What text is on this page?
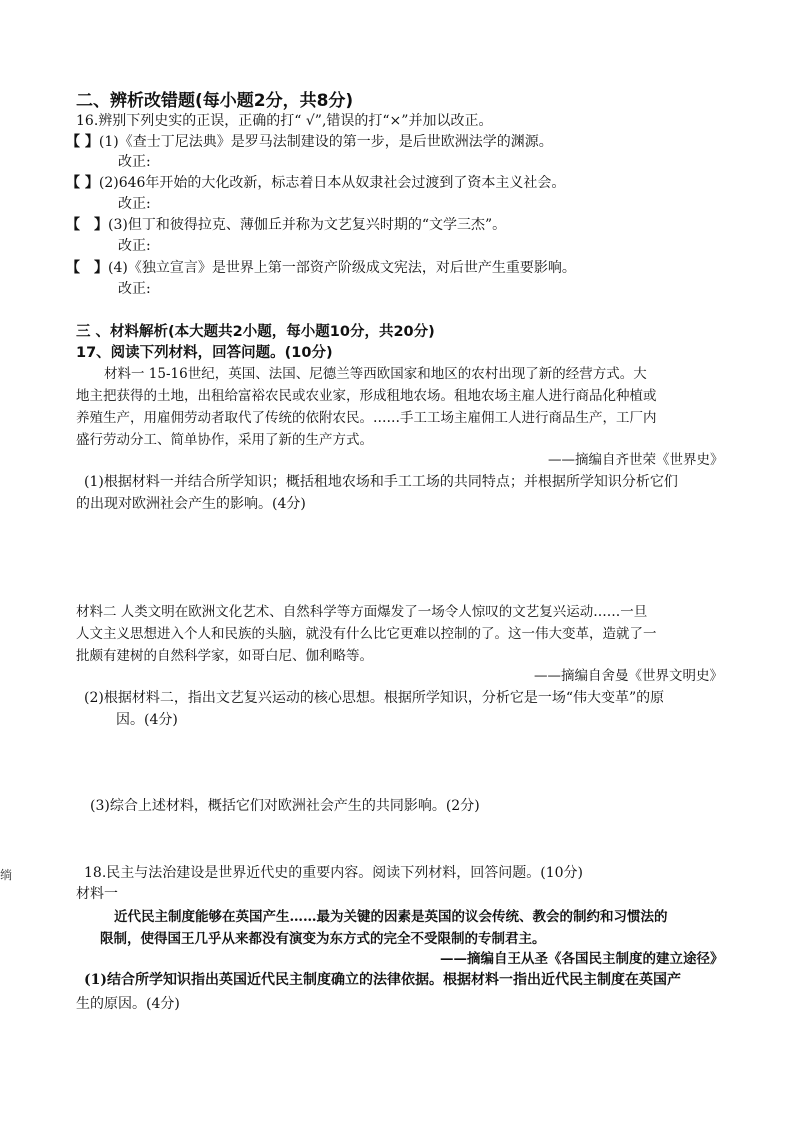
二、辨析改错题(每小题2分，共8分)
16.辨别下列史实的正误，正确的打“ √”,错误的打“×”并加以改正。
【 】(1)《查士丁尼法典》是罗马法制建设的第一步，是后世欧洲法学的渊源。
改正:
【 】(2)646年开始的大化改新，标志着日本从奴隶社会过渡到了资本主义社会。
改正:
【　】(3)但丁和彼得拉克、薄伽丘并称为文艺复兴时期的“文学三杰”。
改正:
【　】(4)《独立宣言》是世界上第一部资产阶级成文宪法，对后世产生重要影响。
改正:
三 、材料解析(本大题共2小题，每小题10分，共20分)
17、阅读下列材料，回答问题。(10分)
材料一 15-16世纪，英国、法国、尼德兰等西欧国家和地区的农村出现了新的经营方式。大
地主把获得的土地，出租给富裕农民或农业家，形成租地农场。租地农场主雇人进行商品化种植或
养殖生产，用雇佣劳动者取代了传统的依附农民。……手工工场主雇佣工人进行商品生产，工厂内
盛行劳动分工、简单协作，采用了新的生产方式。
——摘编自齐世荣《世界史》
(1)根据材料一并结合所学知识；概括租地农场和手工工场的共同特点；并根据所学知识分析它们
的出现对欧洲社会产生的影响。(4分)
材料二 人类文明在欧洲文化艺术、自然科学等方面爆发了一场令人惊叹的文艺复兴运动……一旦
人文主义思想进入个人和民族的头脑，就没有什么比它更难以控制的了。这一伟大变革，造就了一
批颇有建树的自然科学家，如哥白尼、伽利略等。
——摘编自舍曼《世界文明史》
(2)根据材料二，指出文艺复兴运动的核心思想。根据所学知识，分析它是一场“伟大变革”的原
因。(4分)
(3)综合上述材料，概括它们对欧洲社会产生的共同影响。(2分)
绱	18.民主与法治建设是世界近代史的重要内容。阅读下列材料，回答问题。(10分)
材料一
近代民主制度能够在英国产生……最为关键的因素是英国的议会传统、教会的制约和习惯法的
限制，使得国王几乎从来都没有演变为东方式的完全不受限制的专制君主。
——摘编自王从圣《各国民主制度的建立途径》
(1)结合所学知识指出英国近代民主制度确立的法律依据。根据材料一指出近代民主制度在英国产
生的原因。(4分)
